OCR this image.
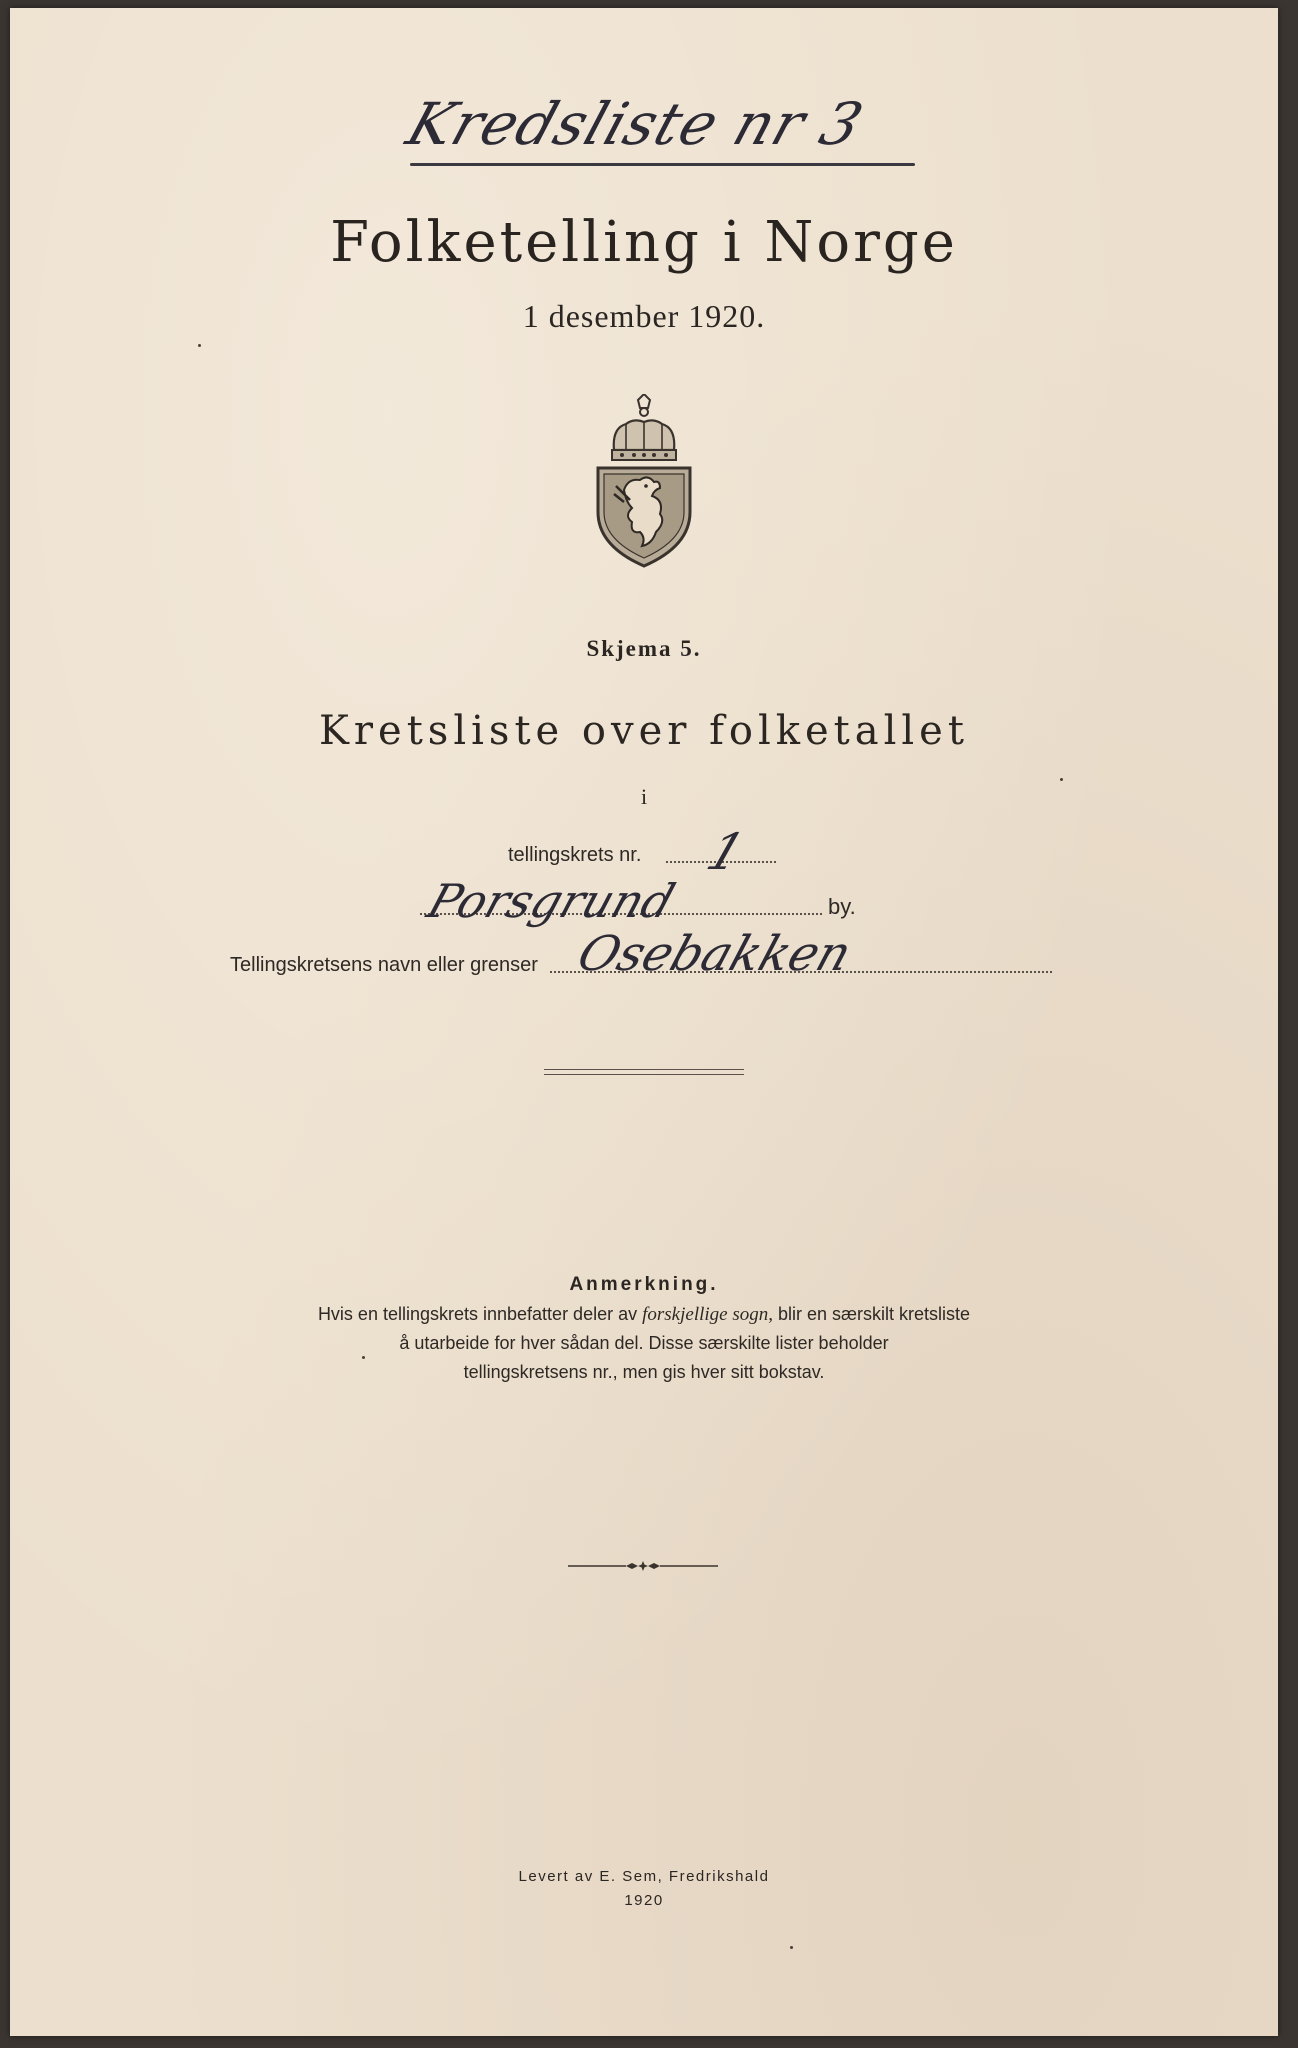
Kredsliste nr 3
Folketelling i Norge
1 desember 1920.
Skjema 5.
Kretsliste over folketallet
i
tellingskrets nr. 1
Porsgrund	by.
Tellingskretsens navn eller grenser Osebakken
Anmerkning.
Hvis en tellingskrets innbefatter deler av forskjellige sogn, blir en særskilt kretsliste
å utarbeide for hver sådan del. Disse særskilte lister beholder
tellingskretsens nr., men gis hver sitt bokstav.
Levert av E. Sem, Fredrikshald
1920
